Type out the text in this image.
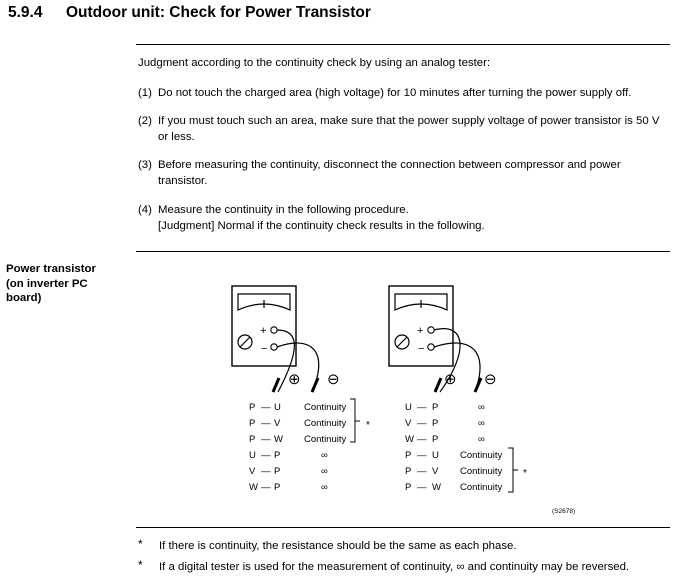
5.9.4 Outdoor unit: Check for Power Transistor
Judgment according to the continuity check by using an analog tester:
(1) Do not touch the charged area (high voltage) for 10 minutes after turning the power supply off.
(2) If you must touch such an area, make sure that the power supply voltage of power transistor is 50 V or less.
(3) Before measuring the continuity, disconnect the connection between compressor and power transistor.
(4) Measure the continuity in the following procedure.
[Judgment] Normal if the continuity check results in the following.
Power transistor (on inverter PC board)
+
−
⊕ ⊖
+
−
⊕ ⊖
P — U Continuity
P — V Continuity
P — W Continuity
U — P	∞
V — P	∞
W — P	∞
*
U — P	∞
V — P	∞
W — P	∞
P — U Continuity
P — V Continuity
P — W Continuity
*
(S2678)
* If there is continuity, the resistance should be the same as each phase.
* If a digital tester is used for the measurement of continuity, ∞ and continuity may be reversed.
